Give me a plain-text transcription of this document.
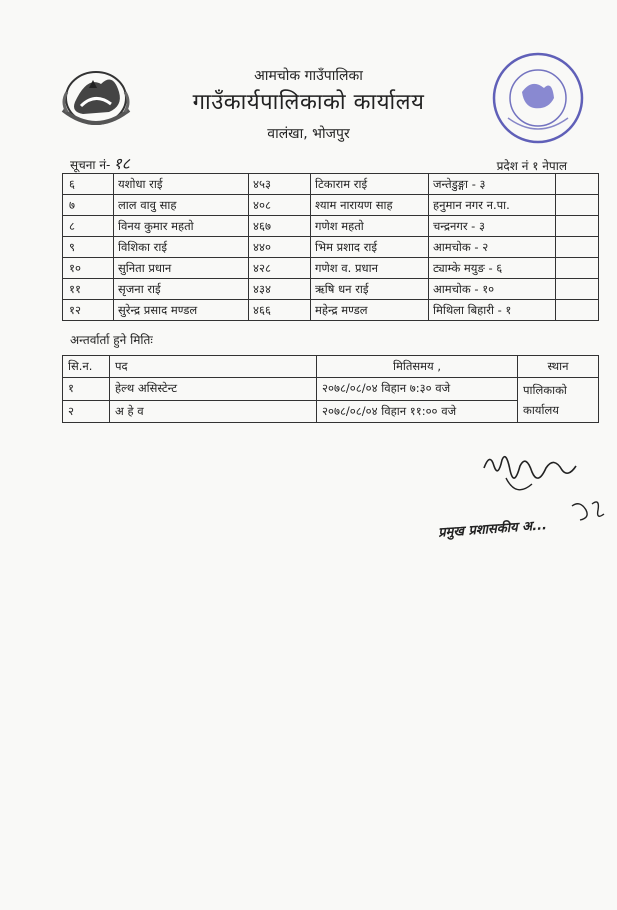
आमचोक गाउँपालिका
गाउँकार्यपालिकाको कार्यालय
वालंखा, भोजपुर
सूचना नं- १८	प्रदेश नं १ नेपाल
६	यशोधा राई	४५३	टिकाराम राई	जन्तेडुङ्गा - ३	
७	लाल वावु साह	४०८	श्याम नारायण साह	हनुमान नगर न.पा.	
८	विनय कुमार महतो	४६७	गणेश महतो	चन्द्रनगर - ३	
९	विशिका राई	४४०	भिम प्रशाद राई	आमचोक - २	
१०	सुनिता प्रधान	४२८	गणेश व. प्रधान	ट्याम्के मयुङ - ६	
११	सृजना राई	४३४	ऋषि धन राई	आमचोक - १०	
१२	सुरेन्द्र प्रसाद मण्डल	४६६	महेन्द्र मण्डल	मिथिला बिहारी - १	
अन्तर्वार्ता हुने मितिः
सि.न.	पद	मितिसमय ,	स्थान
१	हेल्थ असिस्टेन्ट	२०७८/०८/०४ विहान ७:३० वजे	पालिकाको कार्यालय
२	अ हे व	२०७८/०८/०४ विहान ११:०० वजे	
प्रमुख प्रशासकीय अ...
